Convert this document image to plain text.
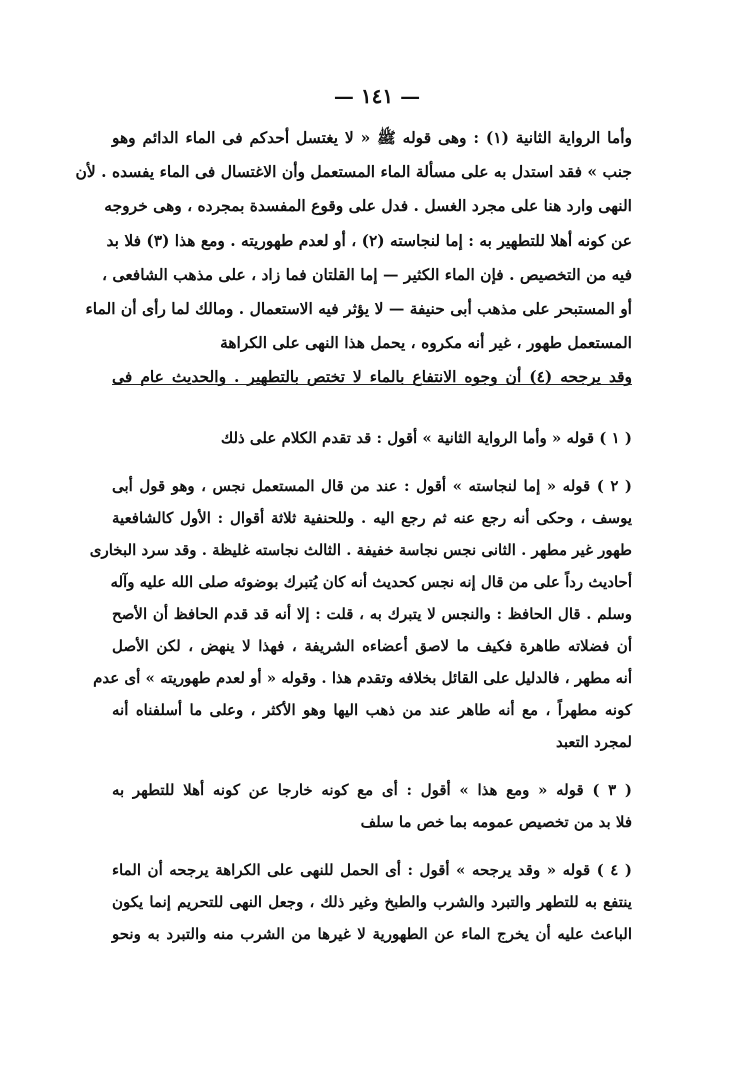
— ١٤١ —
وأما الرواية الثانية (١) : وهى قوله ﷺ « لا يغتسل أحدكم فى الماء الدائم وهو
جنب » فقد استدل به على مسألة الماء المستعمل وأن الاغتسال فى الماء يفسده . لأن
النهى وارد هنا على مجرد الغسل . فدل على وقوع المفسدة بمجرده ، وهى خروجه
عن كونه أهلا للتطهير به : إما لنجاسته (٢) ، أو لعدم طهوريته . ومع هذا (٣) فلا بد
فيه من التخصيص . فإن الماء الكثير — إما القلتان فما زاد ، على مذهب الشافعى ،
أو المستبحر على مذهب أبى حنيفة — لا يؤثر فيه الاستعمال . ومالك لما رأى أن الماء
المستعمل طهور ، غير أنه مكروه ، يحمل هذا النهى على الكراهة
وقد يرجحه (٤) أن وجوه الانتفاع بالماء لا تختص بالتطهير . والحديث عام فى
( ١ ) قوله « وأما الرواية الثانية » أقول : قد تقدم الكلام على ذلك
( ٢ ) قوله « إما لنجاسته » أقول : عند من قال المستعمل نجس ، وهو قول أبى
يوسف ، وحكى أنه رجع عنه ثم رجع اليه . وللحنفية ثلاثة أقوال : الأول كالشافعية
طهور غير مطهر . الثانى نجس نجاسة خفيفة . الثالث نجاسته غليظة . وقد سرد البخارى
أحاديث رداً على من قال إنه نجس كحديث أنه كان يُتبرك بوضوئه صلى الله عليه وآله
وسلم . قال الحافظ : والنجس لا يتبرك به ، قلت : إلا أنه قد قدم الحافظ أن الأصح
أن فضلاته طاهرة فكيف ما لاصق أعضاءه الشريفة ، فهذا لا ينهض ، لكن الأصل
أنه مطهر ، فالدليل على القائل بخلافه وتقدم هذا . وقوله « أو لعدم طهوريته » أى عدم
كونه مطهراً ، مع أنه طاهر عند من ذهب اليها وهو الأكثر ، وعلى ما أسلفناه أنه
لمجرد التعبد
( ٣ ) قوله « ومع هذا » أقول : أى مع كونه خارجا عن كونه أهلا للتطهر به
فلا بد من تخصيص عمومه بما خص ما سلف
( ٤ ) قوله « وقد يرجحه » أقول : أى الحمل للنهى على الكراهة يرجحه أن الماء
ينتفع به للتطهر والتبرد والشرب والطبخ وغير ذلك ، وجعل النهى للتحريم إنما يكون
الباعث عليه أن يخرج الماء عن الطهورية لا غيرها من الشرب منه والتبرد به ونحو
